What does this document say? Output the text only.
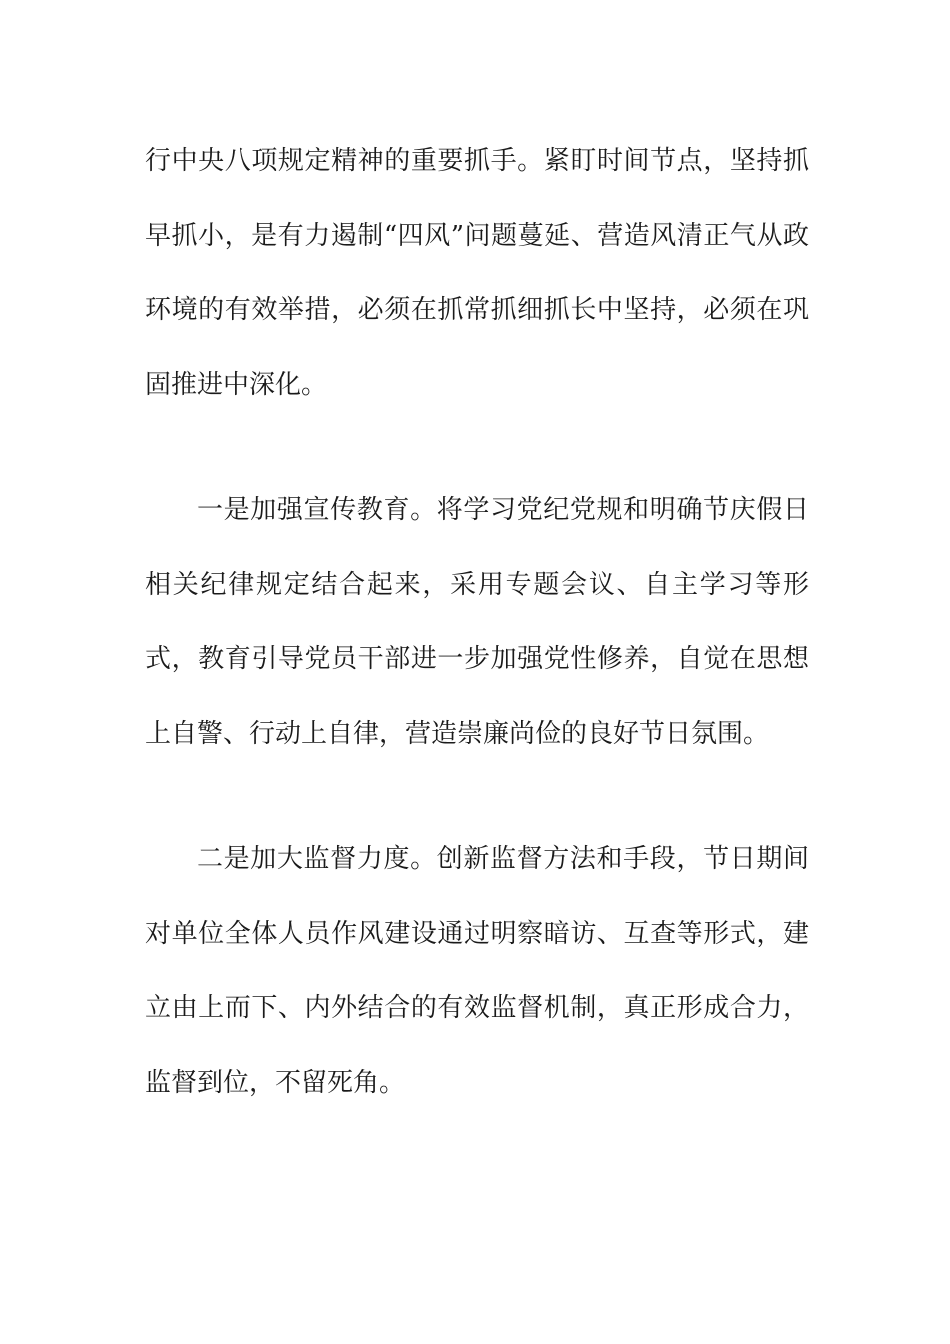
行中央八项规定精神的重要抓手。紧盯时间节点，坚持抓早抓小，是有力遏制“四风”问题蔓延、营造风清正气从政环境的有效举措，必须在抓常抓细抓长中坚持，必须在巩固推进中深化。

一是加强宣传教育。将学习党纪党规和明确节庆假日相关纪律规定结合起来，采用专题会议、自主学习等形式，教育引导党员干部进一步加强党性修养，自觉在思想上自警、行动上自律，营造崇廉尚俭的良好节日氛围。

二是加大监督力度。创新监督方法和手段，节日期间对单位全体人员作风建设通过明察暗访、互查等形式，建立由上而下、内外结合的有效监督机制，真正形成合力，监督到位，不留死角。
